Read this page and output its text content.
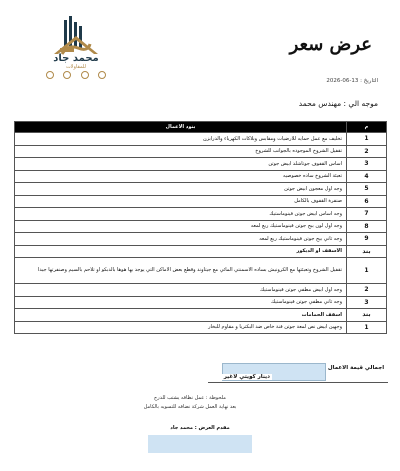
محمد جاد
للمقاولات
عرض سعر
التاريخ : 13-06-2026
موجه الي : مهندس محمد
م	بنود الاعمال
1	تخليف مع عمل حمايه للارضيات ومقابس وبلاكات الكهرباء والدرابزن
2	تقفيل الشروخ الموجوده بالجوانب للشروخ
3	اساس القفوف جوتاشلد ابيض جوتن
4	تعبئة الشروخ ساده خصوصيه
5	وجه اول معجون ابيض جوتن
6	صنفرة القفوف بالكامل
7	وجه اساس ابيض جوتن فينوماستيك
8	وجه اول لون بيج جوتن فينوماستيك ربع لمعه
9	وجه ثاني بيج جوتن فينوماستيك ربع لمعه
بند	الاسقف او الديكور
1	تقفيل الشروخ وتعبئتها مع الكرونيش بساده الاسمنتي المائي مع جيتاوند وقطع بعض الاماكن التي يوجد بها هوها بالدبكو او تلاحم بالسيم وصنفرتها جيدا
2	وجه اول ابيض مطفي جوتن فينوماستيك
3	وجه ثاني مطفي جوتن فينوماستيك
بند	اسقف الحمامات
1	وجهين ابيض نص لمعة جوتن فنة خاص ضد البكتريا و مقاوم للبخار
اجمالي قيمة الاعمال
دينار كويتي لاغير
ملحوظة : عمل نظافه يشتب للدرج
بعد نهاية العمل شركة نضافه للتسويه بالكامل
مقدم العرض : محمد جاد
